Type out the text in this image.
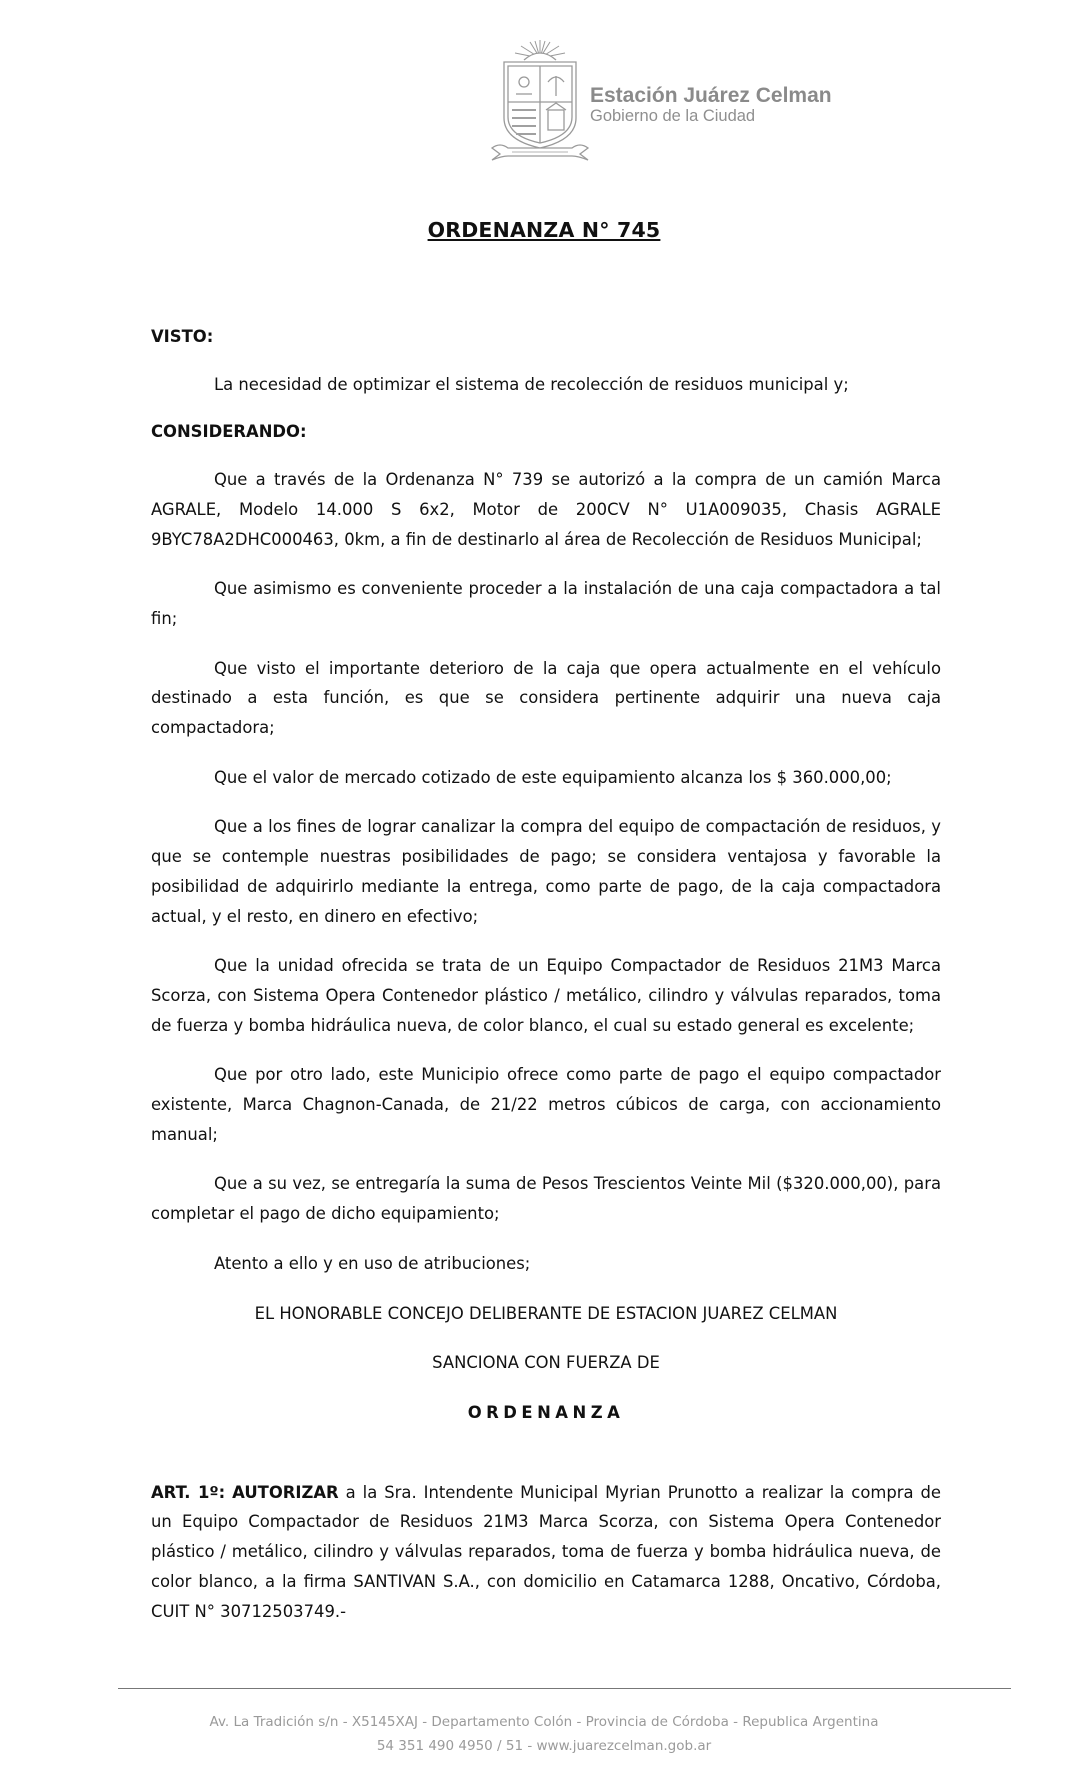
Estación Juárez Celman
Gobierno de la Ciudad
ORDENANZA N° 745

VISTO:

La necesidad de optimizar el sistema de recolección de residuos municipal y;

CONSIDERANDO:

Que a través de la Ordenanza N° 739 se autorizó a la compra de un camión Marca AGRALE, Modelo 14.000 S 6x2, Motor de 200CV N° U1A009035, Chasis AGRALE 9BYC78A2DHC000463, 0km, a fin de destinarlo al área de Recolección de Residuos Municipal;

Que asimismo es conveniente proceder a la instalación de una caja compactadora a tal fin;

Que visto el importante deterioro de la caja que opera actualmente en el vehículo destinado a esta función, es que se considera pertinente adquirir una nueva caja compactadora;

Que el valor de mercado cotizado de este equipamiento alcanza los $ 360.000,00;

Que a los fines de lograr canalizar la compra del equipo de compactación de residuos, y que se contemple nuestras posibilidades de pago; se considera ventajosa y favorable la posibilidad de adquirirlo mediante la entrega, como parte de pago, de la caja compactadora actual, y el resto, en dinero en efectivo;

Que la unidad ofrecida se trata de un Equipo Compactador de Residuos 21M3 Marca Scorza, con Sistema Opera Contenedor plástico / metálico, cilindro y válvulas reparados, toma de fuerza y bomba hidráulica nueva, de color blanco, el cual su estado general es excelente;

Que por otro lado, este Municipio ofrece como parte de pago el equipo compactador existente, Marca Chagnon-Canada, de 21/22 metros cúbicos de carga, con accionamiento manual;

Que a su vez, se entregaría la suma de Pesos Trescientos Veinte Mil ($320.000,00), para completar el pago de dicho equipamiento;

Atento a ello y en uso de atribuciones;

EL HONORABLE CONCEJO DELIBERANTE DE ESTACION JUAREZ CELMAN

SANCIONA CON FUERZA DE

ORDENANZA

ART. 1º: AUTORIZAR a la Sra. Intendente Municipal Myrian Prunotto a realizar la compra de un Equipo Compactador de Residuos 21M3 Marca Scorza, con Sistema Opera Contenedor plástico / metálico, cilindro y válvulas reparados, toma de fuerza y bomba hidráulica nueva, de color blanco, a la firma SANTIVAN S.A., con domicilio en Catamarca 1288, Oncativo, Córdoba, CUIT N° 30712503749.-

Av. La Tradición s/n - X5145XAJ - Departamento Colón - Provincia de Córdoba - Republica Argentina
54 351 490 4950 / 51 - www.juarezcelman.gob.ar
